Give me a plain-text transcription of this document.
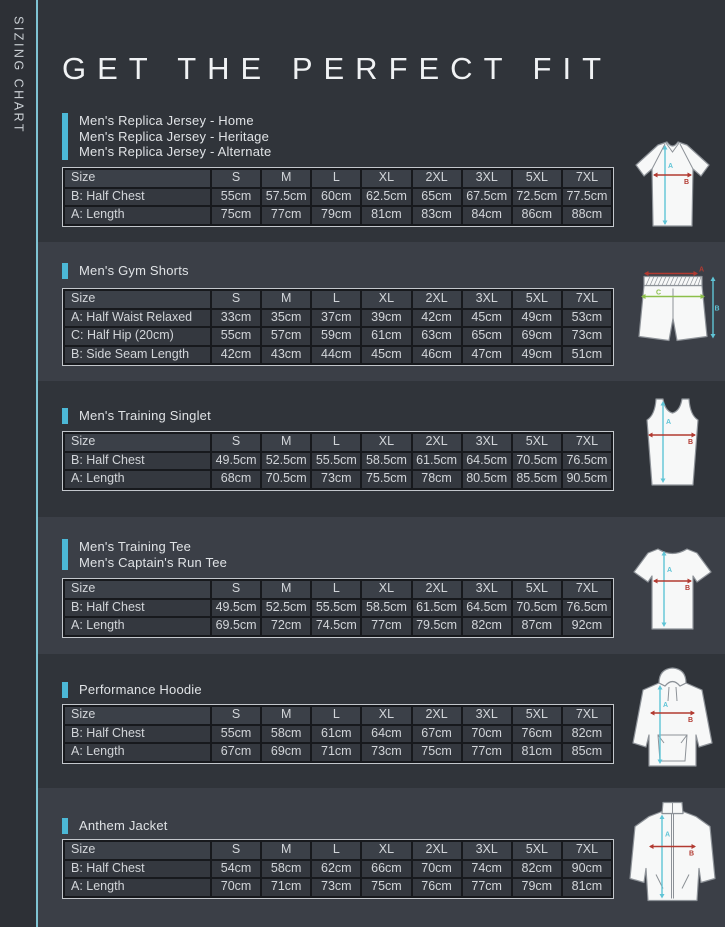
SIZING CHART GET THE PERFECT FIT
Men's Replica Jersey - Home
Men's Replica Jersey - Heritage
Men's Replica Jersey - Alternate
Size	S	M	L	XL	2XL	3XL	5XL	7XL
B: Half Chest	55cm	57.5cm	60cm	62.5cm	65cm	67.5cm	72.5cm	77.5cm
A: Length	75cm	77cm	79cm	81cm	83cm	84cm	86cm	88cm
A
B
Men's Gym Shorts
Size	S	M	L	XL	2XL	3XL	5XL	7XL
A: Half Waist Relaxed	33cm	35cm	37cm	39cm	42cm	45cm	49cm	53cm
C: Half Hip (20cm)	55cm	57cm	59cm	61cm	63cm	65cm	69cm	73cm
B: Side Seam Length	42cm	43cm	44cm	45cm	46cm	47cm	49cm	51cm
A
C
B
Men's Training Singlet
Size	S	M	L	XL	2XL	3XL	5XL	7XL
B: Half Chest	49.5cm	52.5cm	55.5cm	58.5cm	61.5cm	64.5cm	70.5cm	76.5cm
A: Length	68cm	70.5cm	73cm	75.5cm	78cm	80.5cm	85.5cm	90.5cm
A
B
Men's Training Tee
Men's Captain's Run Tee
Size	S	M	L	XL	2XL	3XL	5XL	7XL
B: Half Chest	49.5cm	52.5cm	55.5cm	58.5cm	61.5cm	64.5cm	70.5cm	76.5cm
A: Length	69.5cm	72cm	74.5cm	77cm	79.5cm	82cm	87cm	92cm
A
B
Performance Hoodie
Size	S	M	L	XL	2XL	3XL	5XL	7XL
B: Half Chest	55cm	58cm	61cm	64cm	67cm	70cm	76cm	82cm
A: Length	67cm	69cm	71cm	73cm	75cm	77cm	81cm	85cm
A
B
Anthem Jacket
Size	S	M	L	XL	2XL	3XL	5XL	7XL
B: Half Chest	54cm	58cm	62cm	66cm	70cm	74cm	82cm	90cm
A: Length	70cm	71cm	73cm	75cm	76cm	77cm	79cm	81cm
A
B
